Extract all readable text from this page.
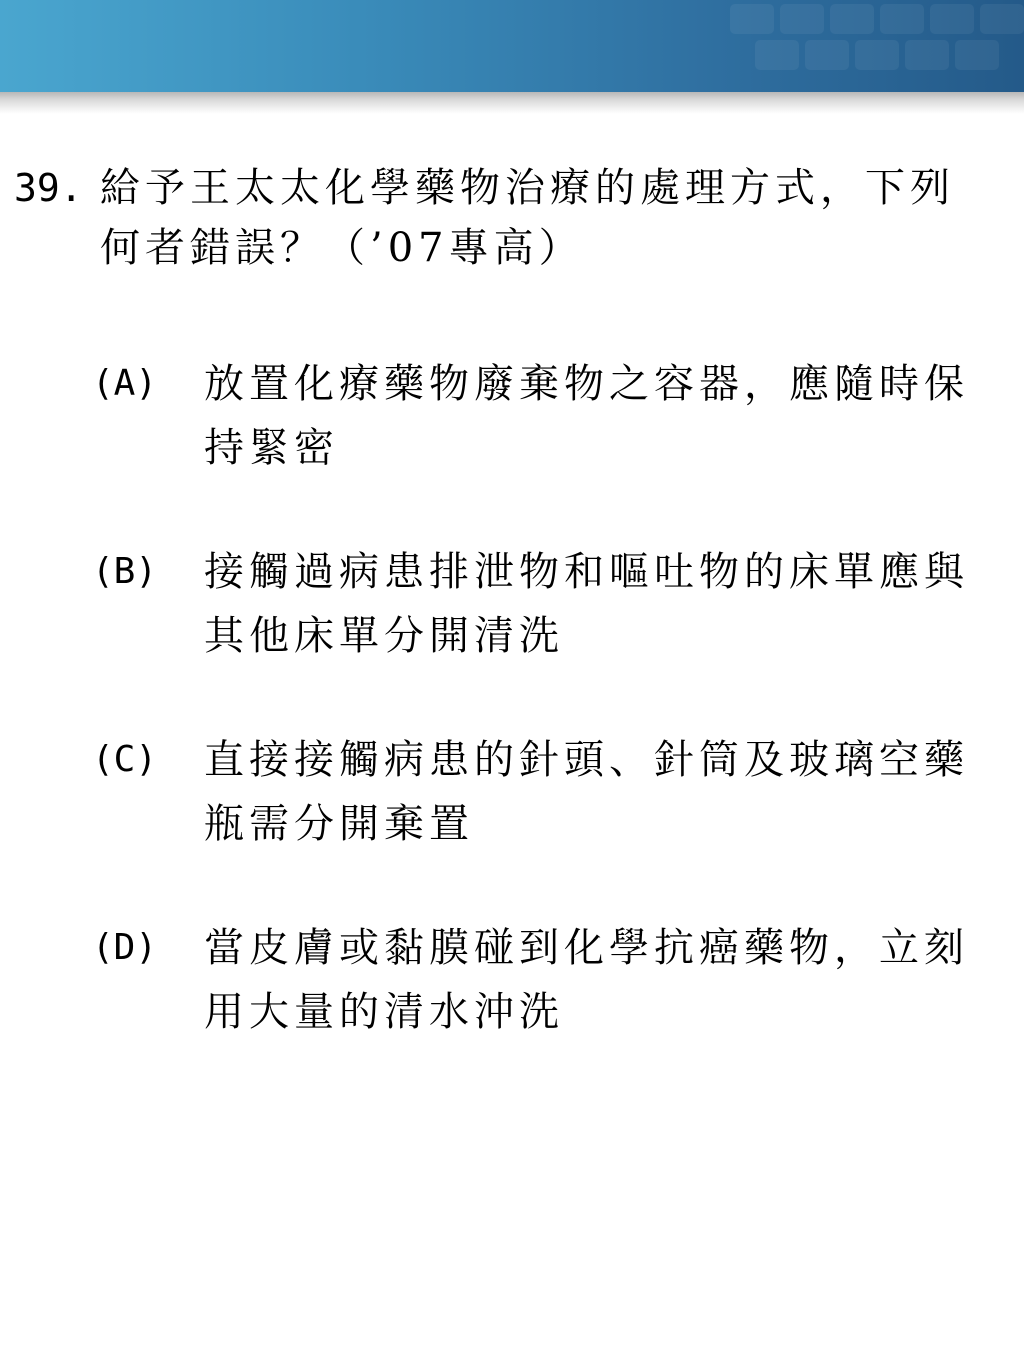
39. 給予王太太化學藥物治療的處理方式，下列何者錯誤？（’07專高）
(A)	放置化療藥物廢棄物之容器，應隨時保持緊密
(B)	接觸過病患排泄物和嘔吐物的床單應與其他床單分開清洗
(C)	直接接觸病患的針頭、針筒及玻璃空藥瓶需分開棄置
(D)	當皮膚或黏膜碰到化學抗癌藥物，立刻用大量的清水沖洗
